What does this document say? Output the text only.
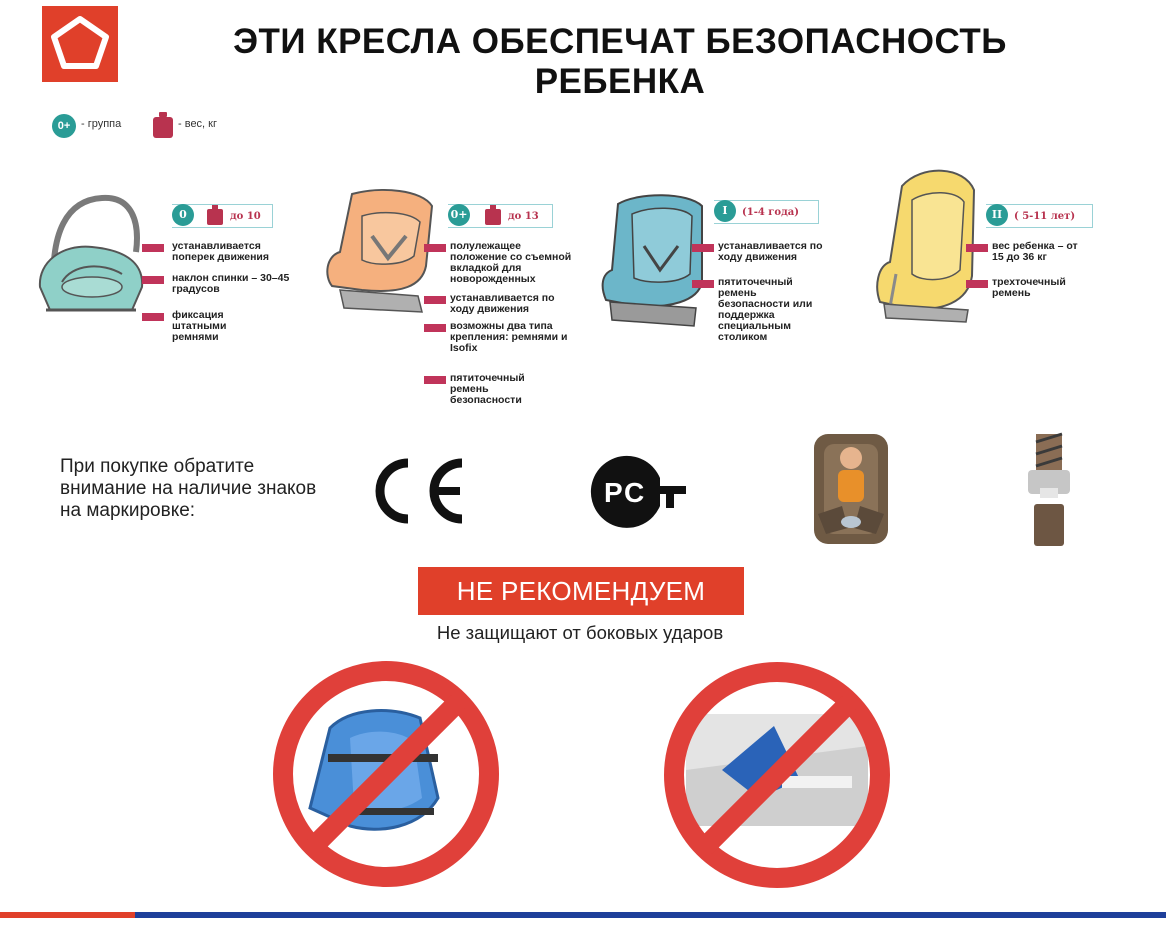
ЭТИ КРЕСЛА ОБЕСПЕЧАТ БЕЗОПАСНОСТЬ РЕБЕНКА
0+ - группа	- вес, кг
0	до 10
устанавливается поперек движения
наклон спинки – 30–45 градусов
фиксация штатными ремнями
0+	до 13
полулежащее положение со съемной вкладкой для новорожденных
устанавливается по ходу движения
возможны два типа крепления: ремнями и Isofix
пятиточечный ремень безопасности
I	(1-4 года)
устанавливается по ходу движения
пятиточечный ремень безопасности или поддержка специальным столиком
II	( 5-11 лет)
вес ребенка – от 15 до 36 кг
трехточечный ремень
При покупке обратите внимание на наличие знаков на маркировке:
P C
НЕ РЕКОМЕНДУЕМ
Не защищают от боковых ударов
